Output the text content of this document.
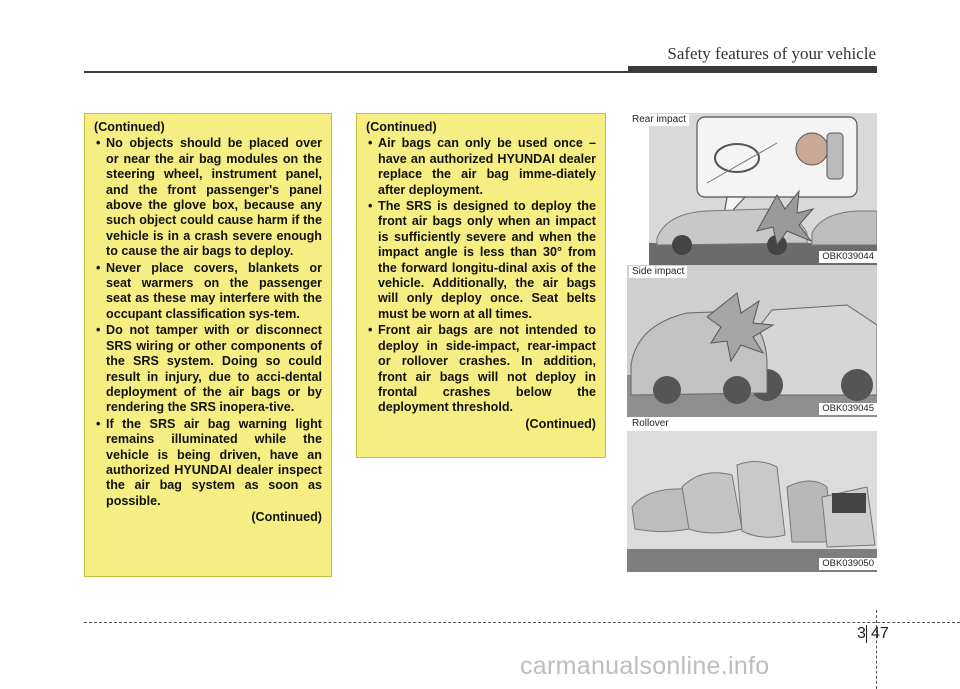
Safety features of your vehicle
(Continued)
• No objects should be placed over or near the air bag modules on the steering wheel, instrument panel, and the front passenger's panel above the glove box, because any such object could cause harm if the vehicle is in a crash severe enough to cause the air bags to deploy.
• Never place covers, blankets or seat warmers on the passenger seat as these may interfere with the occupant classification sys-tem.
• Do not tamper with or disconnect SRS wiring or other components of the SRS system. Doing so could result in injury, due to acci-dental deployment of the air bags or by rendering the SRS inopera-tive.
• If the SRS air bag warning light remains illuminated while the vehicle is being driven, have an authorized HYUNDAI dealer inspect the air bag system as soon as possible.
(Continued)
(Continued)
• Air bags can only be used once – have an authorized HYUNDAI dealer replace the air bag imme-diately after deployment.
• The SRS is designed to deploy the front air bags only when an impact is sufficiently severe and when the impact angle is less than 30° from the forward longitu-dinal axis of the vehicle. Additionally, the air bags will only deploy once. Seat belts must be worn at all times.
• Front air bags are not intended to deploy in side-impact, rear-impact or rollover crashes. In addition, front air bags will not deploy in frontal crashes below the deployment threshold.
(Continued)
Rear impact
OBK039044
Side impact
OBK039045
Rollover
OBK039050
3 47
carmanualsonline.info
